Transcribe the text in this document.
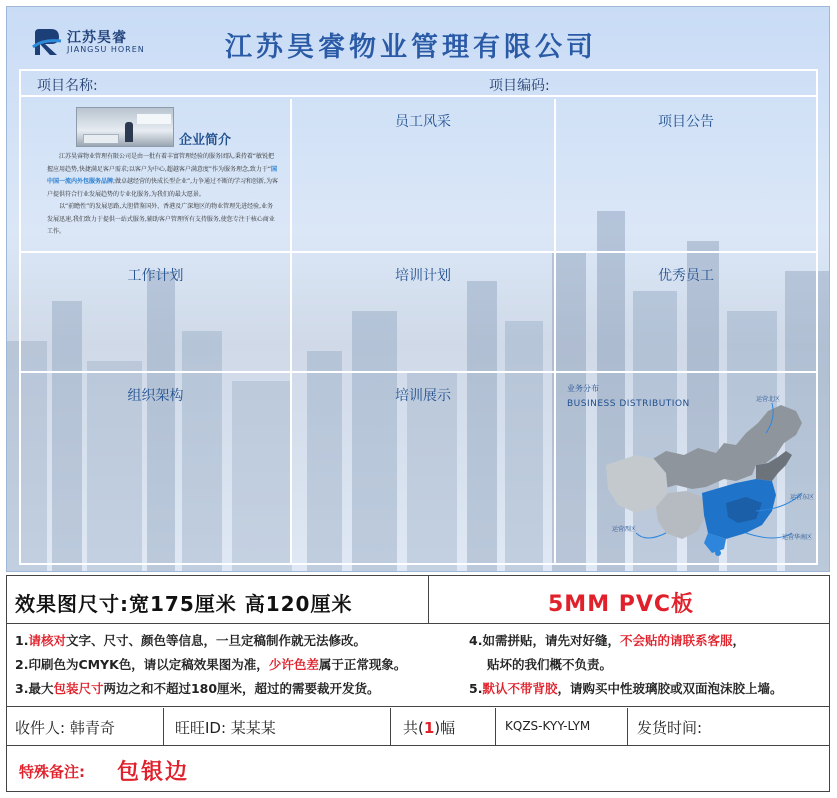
江苏昊睿
JIANGSU HOREN	江苏昊睿物业管理有限公司
项目名称:	项目编码:
企业简介

江苏昊睿物业管理有限公司是由一批有着丰富管理经验的服务团队,秉持着“敏锐把握应用趋势,快捷满足客户需求;以客户为中心,超越客户满意度”作为服务理念,致力于“国中国一流内外包服务品牌;做卓越经营的快成长型企业”,力争通过不断的学习和创新,为客户提供符合行业发展趋势的专业化服务,为我们的最大愿景。

以“前瞻性”的发展思路,大胆借鉴国外、香港及广深地区的物业管理先进经验,业务发展迅速,我们致力于提供一站式服务,辅助客户管理所有支持服务,使您专注于核心商业工作。

员工风采	项目公告
工作计划	培训计划	优秀员工
组织架构	培训展示	业务分布
BUSINESS DISTRIBUTION	运营北区
运营东区
运营西区
运营华南区
效果图尺寸:宽175厘米 高120厘米	5MM PVC板
1.请核对文字、尺寸、颜色等信息，一旦定稿制作就无法修改。
2.印刷色为CMYK色，请以定稿效果图为准，少许色差属于正常现象。
3.最大包装尺寸两边之和不超过180厘米，超过的需要裁开发货。
4.如需拼贴，请先对好缝，不会贴的请联系客服，
贴坏的我们概不负责。
5.默认不带背胶，请购买中性玻璃胶或双面泡沫胶上墙。
收件人: 韩青奇	旺旺ID: 某某某	共(1)幅	KQZS-KYY-LYM	发货时间:
特殊备注: 包银边
